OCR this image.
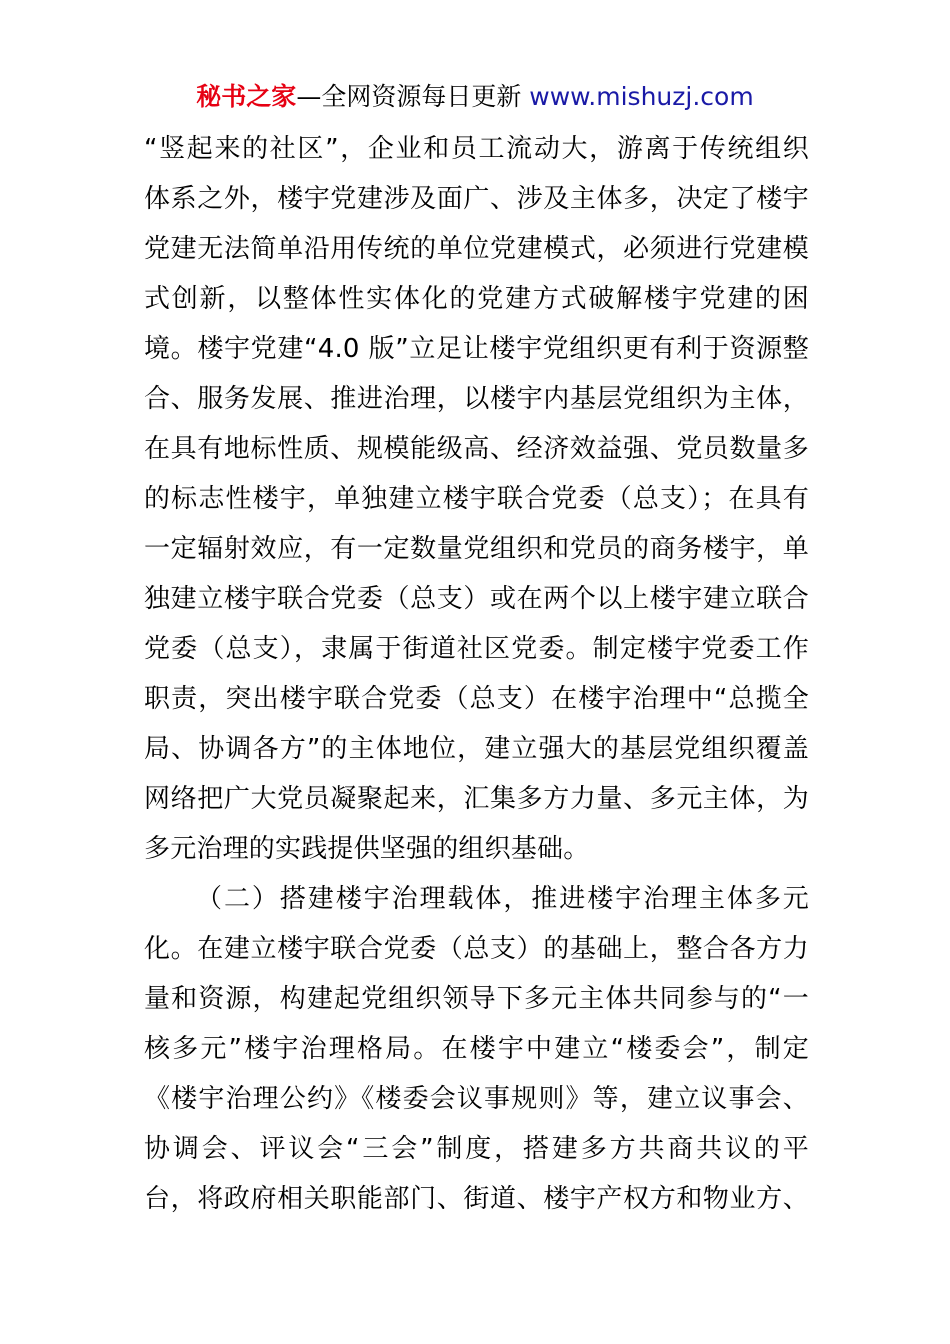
秘书之家—全网资源每日更新 www.mishuzj.com
“竖起来的社区”，企业和员工流动大，游离于传统组织
体系之外，楼宇党建涉及面广、涉及主体多，决定了楼宇
党建无法简单沿用传统的单位党建模式，必须进行党建模
式创新，以整体性实体化的党建方式破解楼宇党建的困
境。楼宇党建“4.0 版”立足让楼宇党组织更有利于资源整
合、服务发展、推进治理，以楼宇内基层党组织为主体，
在具有地标性质、规模能级高、经济效益强、党员数量多
的标志性楼宇，单独建立楼宇联合党委（总支）；在具有
一定辐射效应，有一定数量党组织和党员的商务楼宇，单
独建立楼宇联合党委（总支）或在两个以上楼宇建立联合
党委（总支），隶属于街道社区党委。制定楼宇党委工作
职责，突出楼宇联合党委（总支）在楼宇治理中“总揽全
局、协调各方”的主体地位，建立强大的基层党组织覆盖
网络把广大党员凝聚起来，汇集多方力量、多元主体，为
多元治理的实践提供坚强的组织基础。
（二）搭建楼宇治理载体，推进楼宇治理主体多元
化。在建立楼宇联合党委（总支）的基础上，整合各方力
量和资源，构建起党组织领导下多元主体共同参与的“一
核多元”楼宇治理格局。在楼宇中建立“楼委会”，制定
《楼宇治理公约》《楼委会议事规则》等，建立议事会、
协调会、评议会“三会”制度，搭建多方共商共议的平
台，将政府相关职能部门、街道、楼宇产权方和物业方、
